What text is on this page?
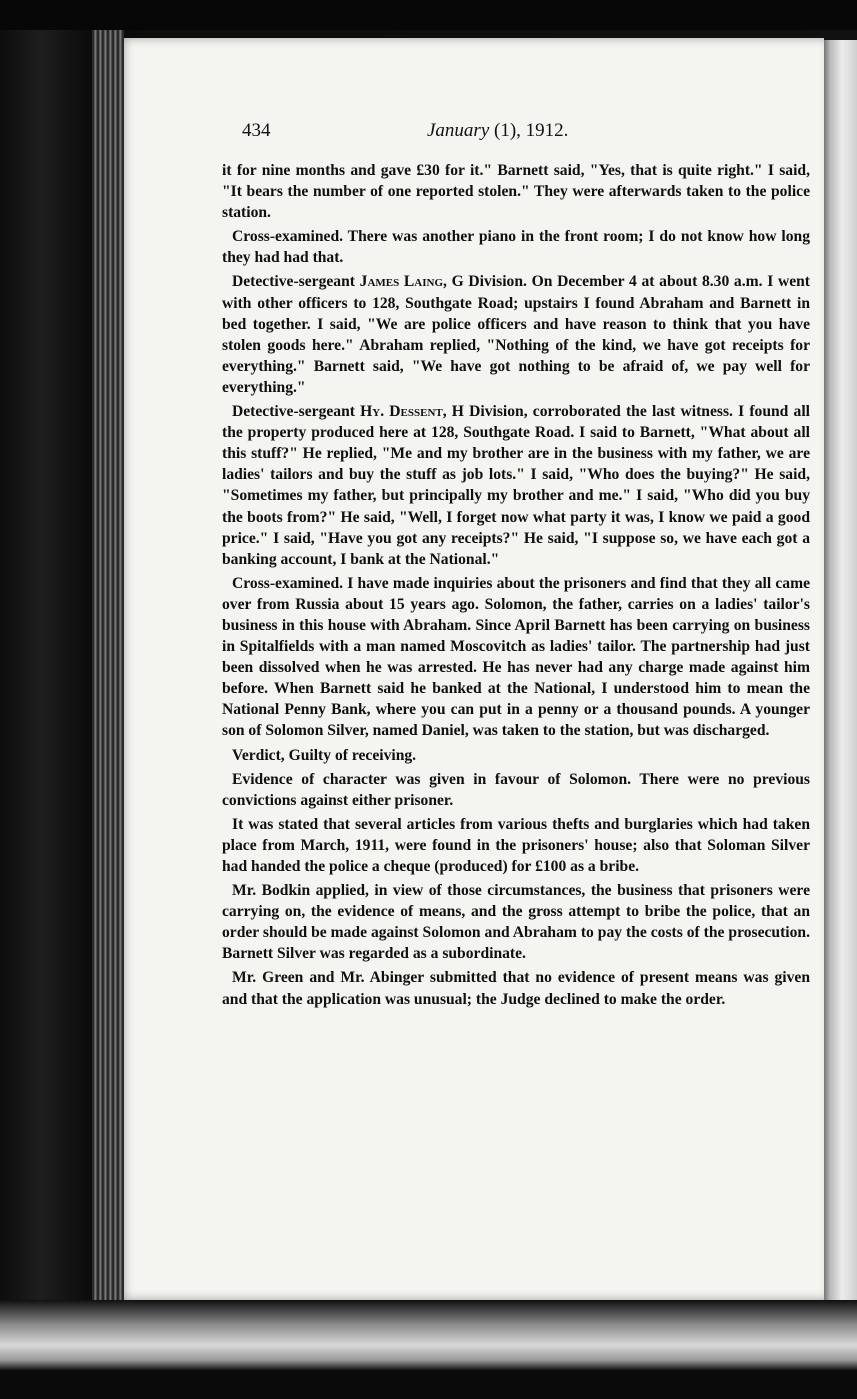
434	January (1), 1912.

it for nine months and gave £30 for it." Barnett said, "Yes, that is quite right." I said, "It bears the number of one reported stolen." They were afterwards taken to the police station.

Cross-examined. There was another piano in the front room; I do not know how long they had had that.

Detective-sergeant James Laing, G Division. On December 4 at about 8.30 a.m. I went with other officers to 128, Southgate Road; upstairs I found Abraham and Barnett in bed together. I said, "We are police officers and have reason to think that you have stolen goods here." Abraham replied, "Nothing of the kind, we have got receipts for everything." Barnett said, "We have got nothing to be afraid of, we pay well for everything."

Detective-sergeant Hy. Dessent, H Division, corroborated the last witness. I found all the property produced here at 128, Southgate Road. I said to Barnett, "What about all this stuff?" He replied, "Me and my brother are in the business with my father, we are ladies' tailors and buy the stuff as job lots." I said, "Who does the buying?" He said, "Sometimes my father, but principally my brother and me." I said, "Who did you buy the boots from?" He said, "Well, I forget now what party it was, I know we paid a good price." I said, "Have you got any receipts?" He said, "I suppose so, we have each got a banking account, I bank at the National."

Cross-examined. I have made inquiries about the prisoners and find that they all came over from Russia about 15 years ago. Solomon, the father, carries on a ladies' tailor's business in this house with Abraham. Since April Barnett has been carrying on business in Spitalfields with a man named Moscovitch as ladies' tailor. The partnership had just been dissolved when he was arrested. He has never had any charge made against him before. When Barnett said he banked at the National, I understood him to mean the National Penny Bank, where you can put in a penny or a thousand pounds. A younger son of Solomon Silver, named Daniel, was taken to the station, but was discharged.

Verdict, Guilty of receiving.

Evidence of character was given in favour of Solomon. There were no previous convictions against either prisoner.

It was stated that several articles from various thefts and burglaries which had taken place from March, 1911, were found in the prisoners' house; also that Soloman Silver had handed the police a cheque (produced) for £100 as a bribe.

Mr. Bodkin applied, in view of those circumstances, the business that prisoners were carrying on, the evidence of means, and the gross attempt to bribe the police, that an order should be made against Solomon and Abraham to pay the costs of the prosecution. Barnett Silver was regarded as a subordinate.

Mr. Green and Mr. Abinger submitted that no evidence of present means was given and that the application was unusual; the Judge declined to make the order.
